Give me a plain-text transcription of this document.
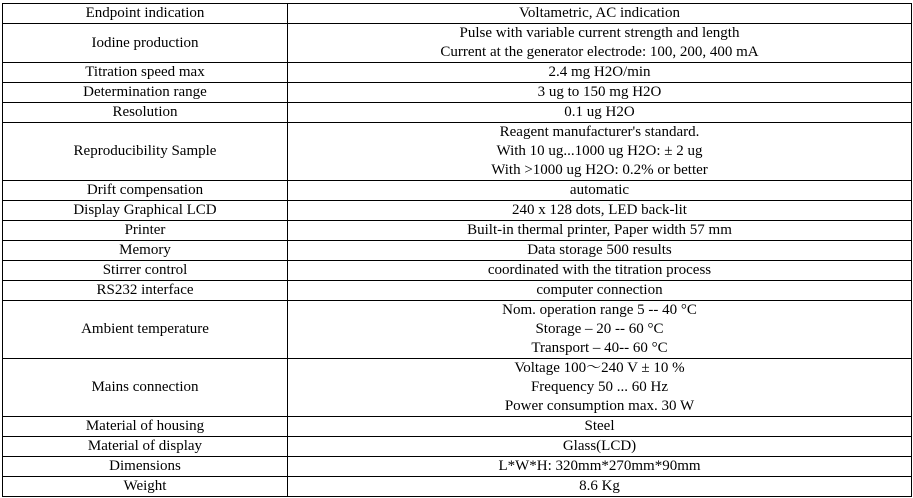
Endpoint indication	Voltametric, AC indication

Iodine production	Pulse with variable current strength and length
Current at the generator electrode: 100, 200, 400 mA

Titration speed max	2.4 mg H2O/min

Determination range	3 ug to 150 mg H2O

Resolution	0.1 ug H2O

Reproducibility Sample	Reagent manufacturer's standard.
With 10 ug...1000 ug H2O: ± 2 ug
With >1000 ug H2O: 0.2% or better

Drift compensation	automatic

Display Graphical LCD	240 x 128 dots, LED back-lit

Printer	Built-in thermal printer, Paper width 57 mm

Memory	Data storage 500 results

Stirrer control	coordinated with the titration process

RS232 interface	computer connection

Ambient temperature	Nom. operation range 5 -- 40 °C
Storage – 20 -- 60 °C
Transport – 40-- 60 °C

Mains connection	Voltage 100～240 V ± 10 %
Frequency 50 ... 60 Hz
Power consumption max. 30 W

Material of housing	Steel

Material of display	Glass(LCD)

Dimensions	L*W*H: 320mm*270mm*90mm

Weight	8.6 Kg
